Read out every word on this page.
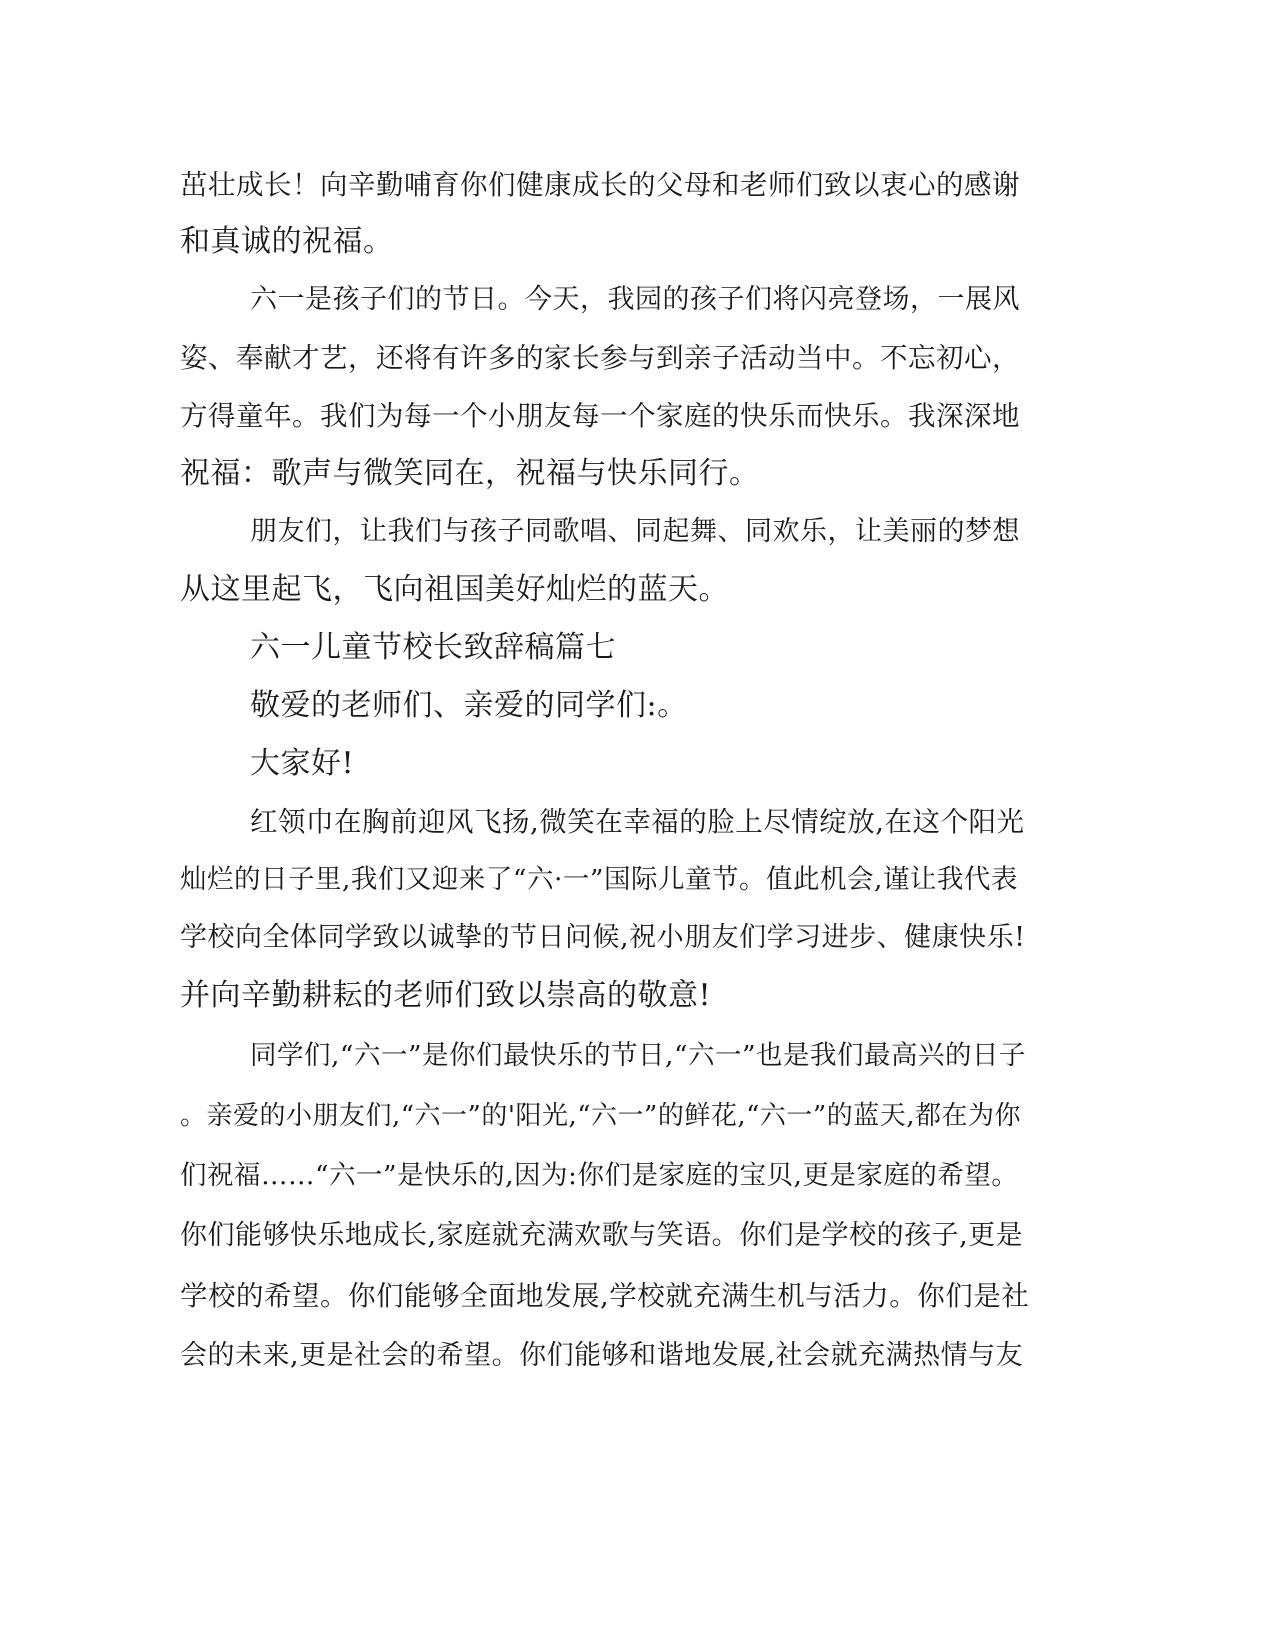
茁壮成长！向辛勤哺育你们健康成长的父母和老师们致以衷心的感谢
和真诚的祝福。
六一是孩子们的节日。今天，我园的孩子们将闪亮登场，一展风
姿、奉献才艺，还将有许多的家长参与到亲子活动当中。不忘初心，
方得童年。我们为每一个小朋友每一个家庭的快乐而快乐。我深深地
祝福：歌声与微笑同在，祝福与快乐同行。
朋友们，让我们与孩子同歌唱、同起舞、同欢乐，让美丽的梦想
从这里起飞，飞向祖国美好灿烂的蓝天。
六一儿童节校长致辞稿篇七
敬爱的老师们、亲爱的同学们:。
大家好!
红领巾在胸前迎风飞扬,微笑在幸福的脸上尽情绽放,在这个阳光
灿烂的日子里,我们又迎来了“六·一”国际儿童节。值此机会,谨让我代表
学校向全体同学致以诚挚的节日问候,祝小朋友们学习进步、健康快乐!
并向辛勤耕耘的老师们致以崇高的敬意!
同学们,“六一”是你们最快乐的节日,“六一”也是我们最高兴的日子
。亲爱的小朋友们,“六一”的'阳光,“六一”的鲜花,“六一”的蓝天,都在为你
们祝福……“六一”是快乐的,因为:你们是家庭的宝贝,更是家庭的希望。
你们能够快乐地成长,家庭就充满欢歌与笑语。你们是学校的孩子,更是
学校的希望。你们能够全面地发展,学校就充满生机与活力。你们是社
会的未来,更是社会的希望。你们能够和谐地发展,社会就充满热情与友
